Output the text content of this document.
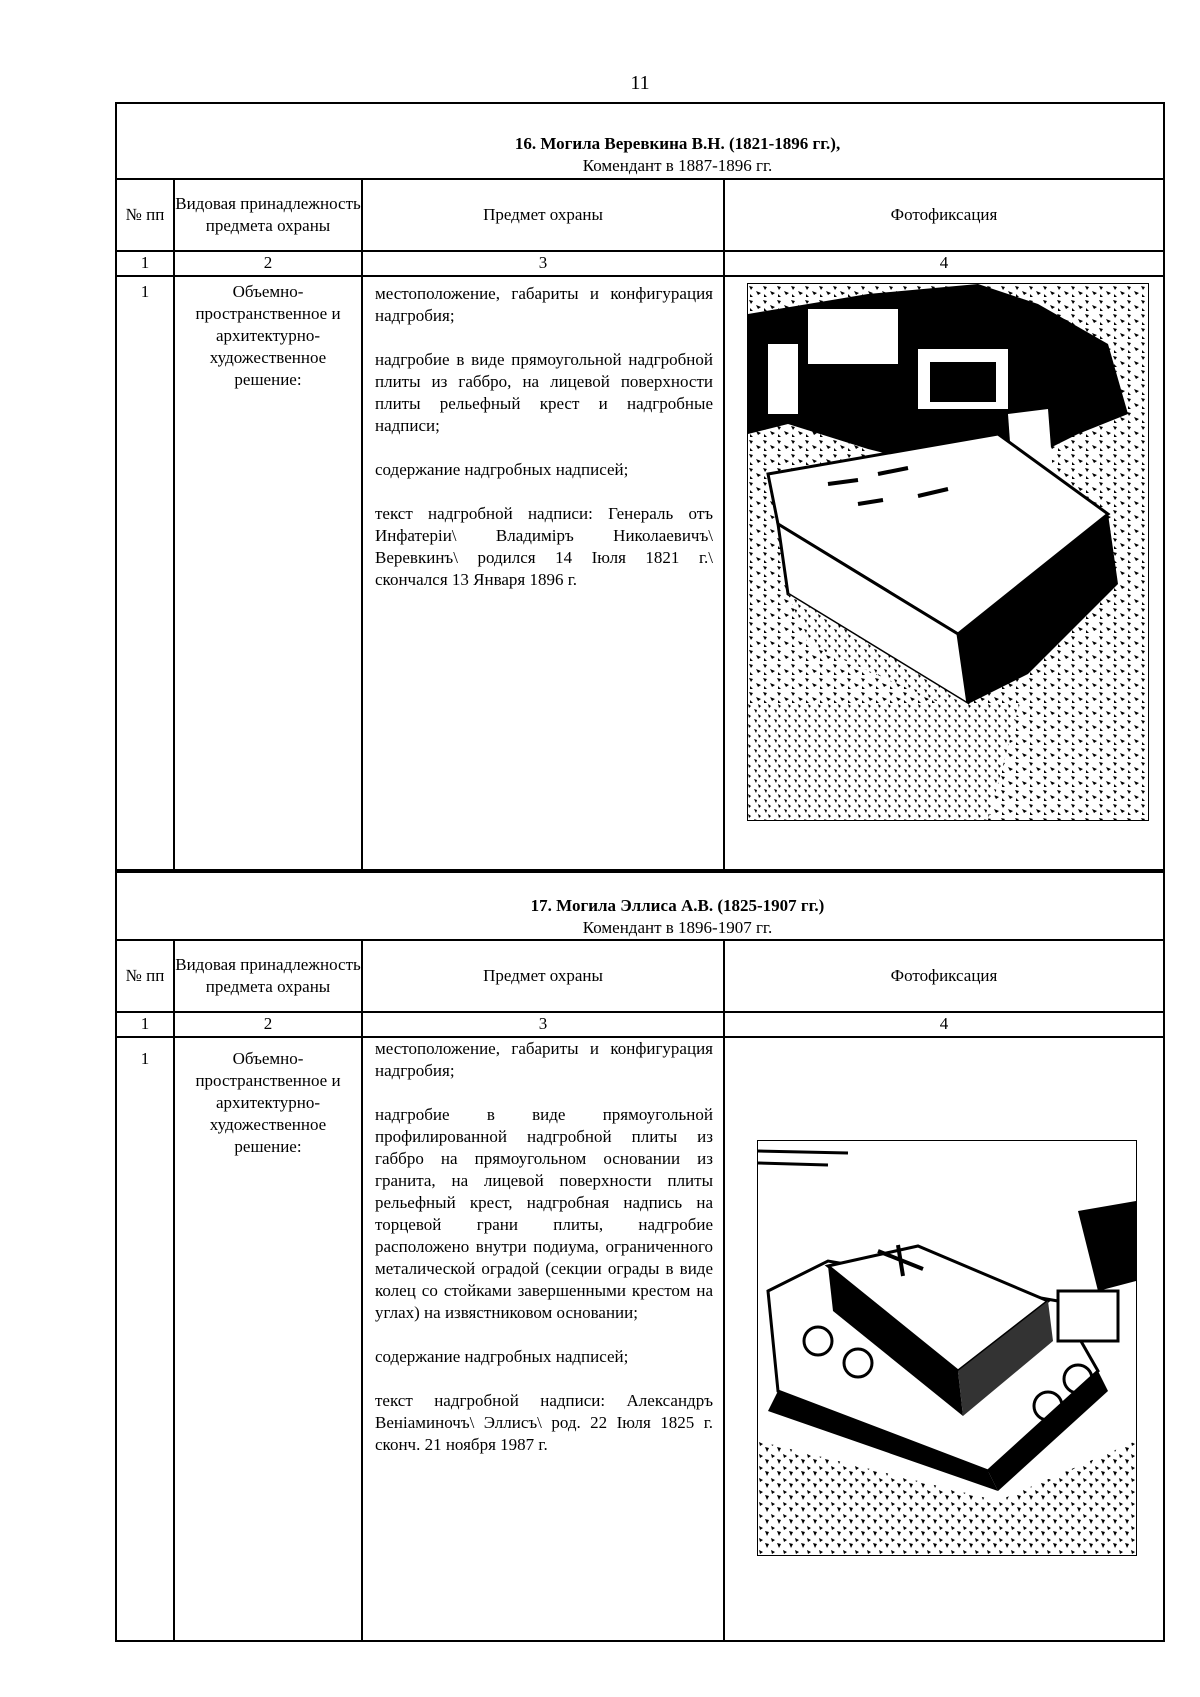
11
16. Могила Веревкина В.Н. (1821-1896 гг.),
Комендант в 1887-1896 гг.			

№ пп	Видовая принадлежность предмета охраны	Предмет охраны	Фотофиксация
1	2	3	4
1	Объемно-пространственное и архитектурно-художественное решение:	местоположение, габариты и конфигурация надгробия;

надгробие в виде прямоугольной надгробной плиты из габбро, на лицевой поверхности плиты рельефный крест и надгробные надписи;

содержание надгробных надписей;

текст надгробной надписи: Генераль отъ Инфатеріи\ Владиміръ Николаевичъ\ Веревкинъ\ родился 14 Іюля 1821 г.\ скончался 13 Января 1896 г.

17. Могила Эллиса А.В. (1825-1907 гг.)
Комендант в 1896-1907 гг.			

№ пп	Видовая принадлежность предмета охраны	Предмет охраны	Фотофиксация
1	2	3	4
1	Объемно-пространственное и архитектурно-художественное решение:	местоположение, габариты и конфигурация надгробия;

надгробие в виде прямоугольной профилированной надгробной плиты из габбро на прямоугольном основании из гранита, на лицевой поверхности плиты рельефный крест, надгробная надпись на торцевой грани плиты, надгробие расположено внутри подиума, ограниченного металической оградой (секции ограды в виде колец со стойками завершенными крестом на углах) на извястниковом основании;

содержание надгробных надписей;

текст надгробной надписи: Александръ Веніаминочъ\ Эллисъ\ род. 22 Іюля 1825 г. сконч. 21 ноября 1987 г.
